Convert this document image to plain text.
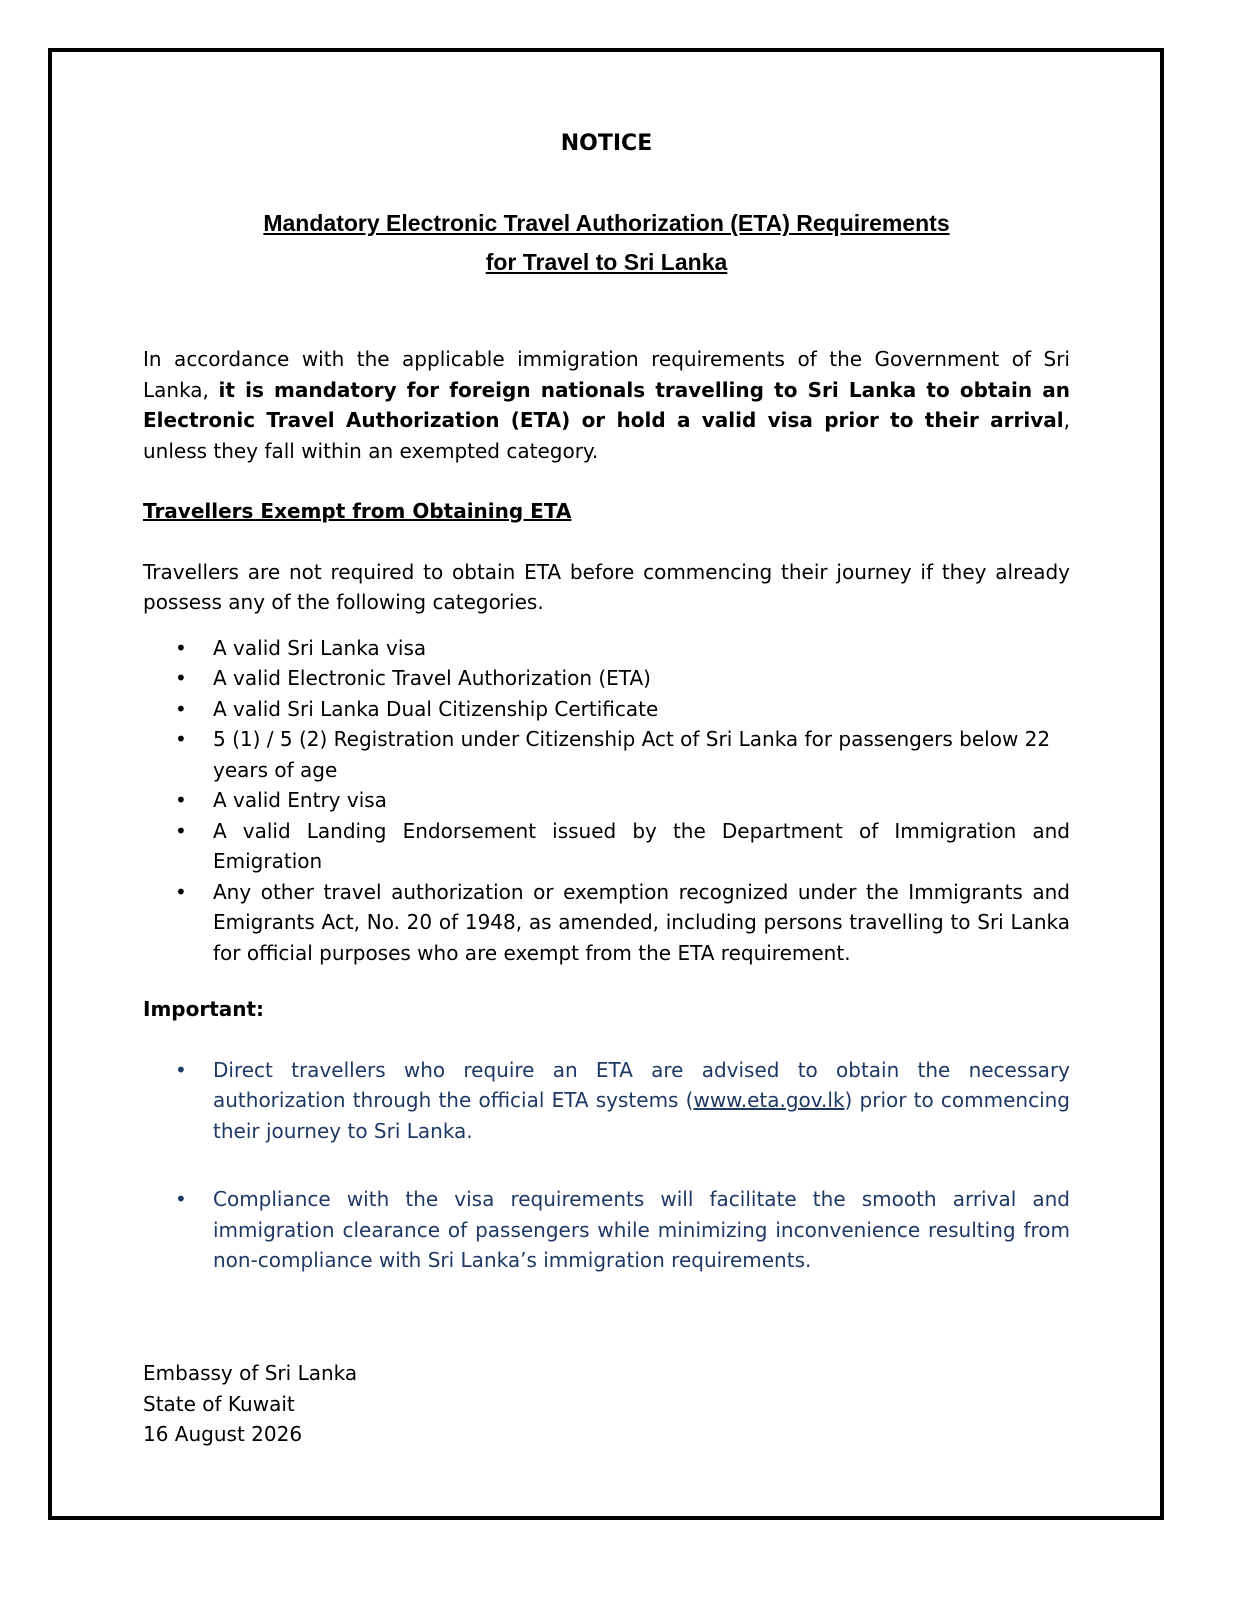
NOTICE
Mandatory Electronic Travel Authorization (ETA) Requirements
for Travel to Sri Lanka

In accordance with the applicable immigration requirements of the Government of Sri Lanka, it is mandatory for foreign nationals travelling to Sri Lanka to obtain an Electronic Travel Authorization (ETA) or hold a valid visa prior to their arrival, unless they fall within an exempted category.

Travellers Exempt from Obtaining ETA

Travellers are not required to obtain ETA before commencing their journey if they already possess any of the following categories.

• A valid Sri Lanka visa
• A valid Electronic Travel Authorization (ETA)
• A valid Sri Lanka Dual Citizenship Certificate
• 5 (1) / 5 (2) Registration under Citizenship Act of Sri Lanka for passengers below 22 years of age
• A valid Entry visa
• A valid Landing Endorsement issued by the Department of Immigration and Emigration
• Any other travel authorization or exemption recognized under the Immigrants and Emigrants Act, No. 20 of 1948, as amended, including persons travelling to Sri Lanka for official purposes who are exempt from the ETA requirement.

Important:

• Direct travellers who require an ETA are advised to obtain the necessary authorization through the official ETA systems (www.eta.gov.lk) prior to commencing their journey to Sri Lanka.
• Compliance with the visa requirements will facilitate the smooth arrival and immigration clearance of passengers while minimizing inconvenience resulting from non-compliance with Sri Lanka’s immigration requirements.
Embassy of Sri Lanka
State of Kuwait
16 August 2026
